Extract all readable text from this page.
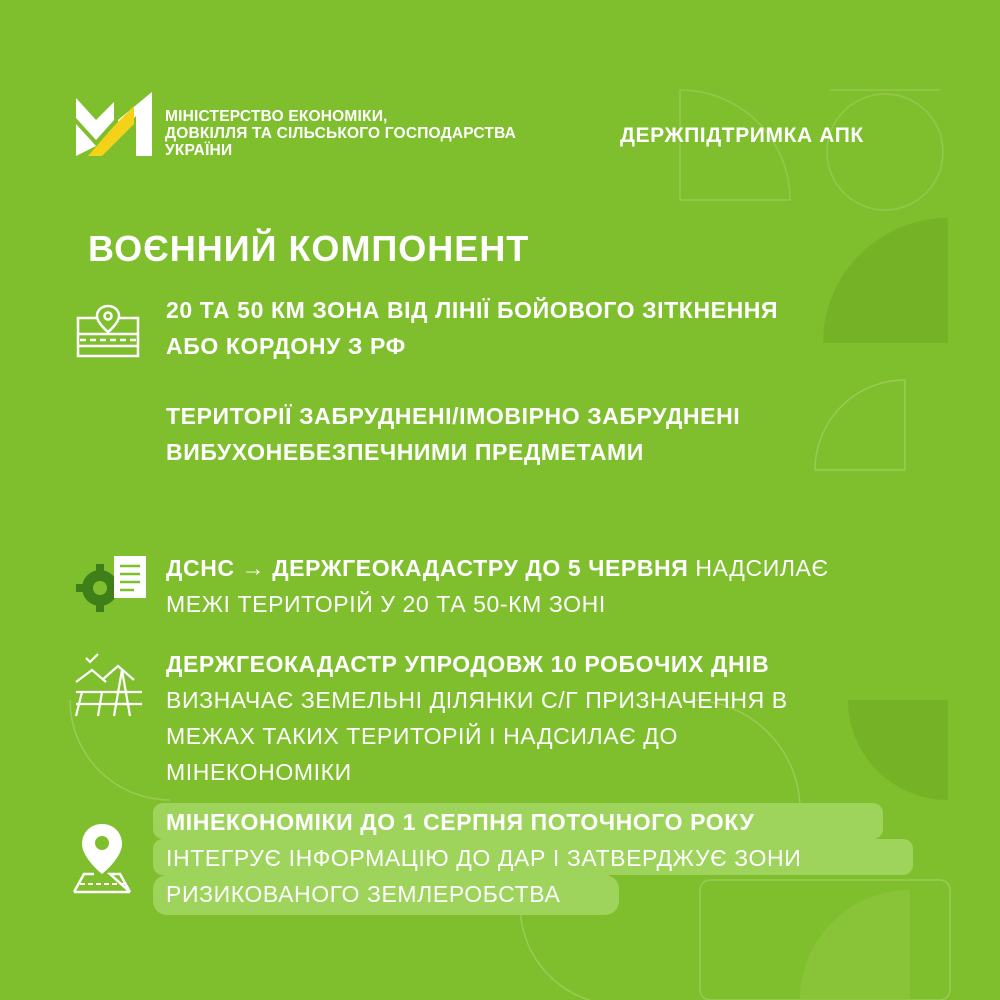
МІНІСТЕРСТВО ЕКОНОМІКИ,
ДОВКІЛЛЯ ТА СІЛЬСЬКОГО ГОСПОДАРСТВА
УКРАЇНИ
ДЕРЖПІДТРИМКА АПК
ВОЄННИЙ КОМПОНЕНТ
20 ТА 50 КМ ЗОНА ВІД ЛІНІЇ БОЙОВОГО ЗІТКНЕННЯ
АБО КОРДОНУ З РФ
ТЕРИТОРІЇ ЗАБРУДНЕНІ/ІМОВІРНО ЗАБРУДНЕНІ
ВИБУХОНЕБЕЗПЕЧНИМИ ПРЕДМЕТАМИ
ДСНС → ДЕРЖГЕОКАДАСТРУ ДО 5 ЧЕРВНЯ НАДСИЛАЄ
МЕЖІ ТЕРИТОРІЙ У 20 ТА 50-КМ ЗОНІ
ДЕРЖГЕОКАДАСТР УПРОДОВЖ 10 РОБОЧИХ ДНІВ
ВИЗНАЧАЄ ЗЕМЕЛЬНІ ДІЛЯНКИ С/Г ПРИЗНАЧЕННЯ В
МЕЖАХ ТАКИХ ТЕРИТОРІЙ І НАДСИЛАЄ ДО
МІНЕКОНОМІКИ
МІНЕКОНОМІКИ ДО 1 СЕРПНЯ ПОТОЧНОГО РОКУ
ІНТЕГРУЄ ІНФОРМАЦІЮ ДО ДАР І ЗАТВЕРДЖУЄ ЗОНИ
РИЗИКОВАНОГО ЗЕМЛЕРОБСТВА
